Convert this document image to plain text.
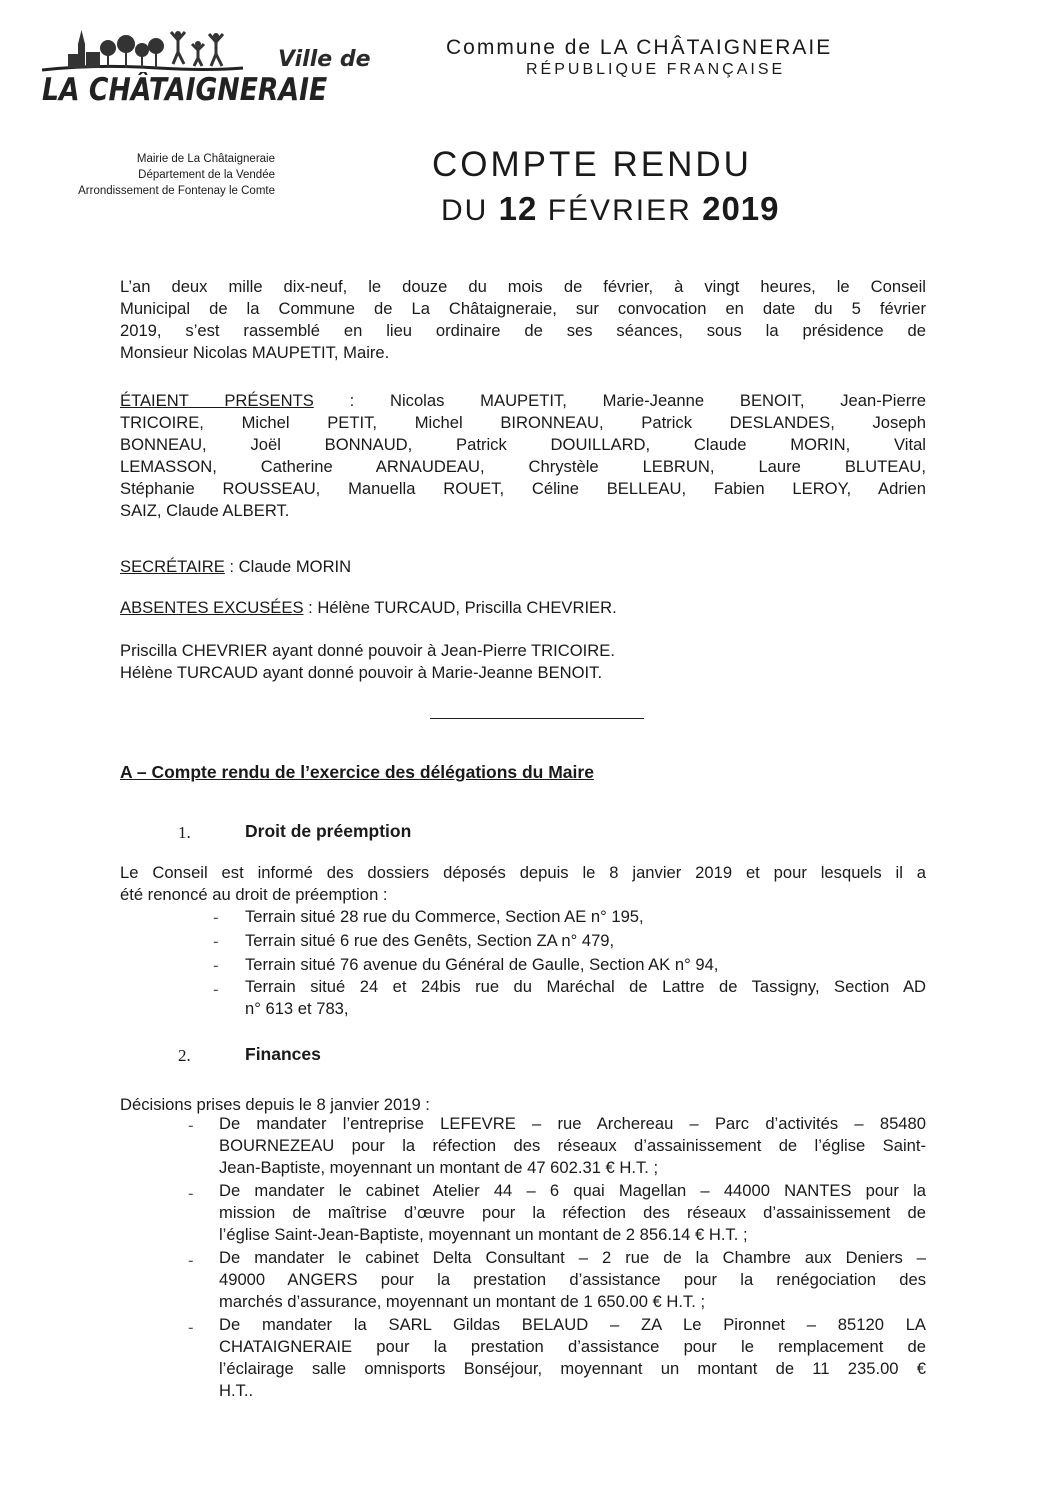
Ville de
LA CHÂTAIGNERAIE
Commune de LA CHÂTAIGNERAIE
RÉPUBLIQUE FRANÇAISE
Mairie de La Châtaigneraie
Département de la Vendée
Arrondissement de Fontenay le Comte
COMPTE RENDU
DU 12 FÉVRIER 2019
L’an deux mille dix-neuf, le douze du mois de février, à vingt heures, le Conseil
Municipal de la Commune de La Châtaigneraie, sur convocation en date du 5 février
2019, s’est rassemblé en lieu ordinaire de ses séances, sous la présidence de
Monsieur Nicolas MAUPETIT, Maire.
ÉTAIENT PRÉSENTS : Nicolas MAUPETIT, Marie-Jeanne BENOIT, Jean-Pierre
TRICOIRE, Michel PETIT, Michel BIRONNEAU, Patrick DESLANDES, Joseph
BONNEAU, Joël BONNAUD, Patrick DOUILLARD, Claude MORIN, Vital
LEMASSON, Catherine ARNAUDEAU, Chrystèle LEBRUN, Laure BLUTEAU,
Stéphanie ROUSSEAU, Manuella ROUET, Céline BELLEAU, Fabien LEROY, Adrien
SAIZ, Claude ALBERT.
SECRÉTAIRE : Claude MORIN
ABSENTES EXCUSÉES : Hélène TURCAUD, Priscilla CHEVRIER.
Priscilla CHEVRIER ayant donné pouvoir à Jean-Pierre TRICOIRE.
Hélène TURCAUD ayant donné pouvoir à Marie-Jeanne BENOIT.
A – Compte rendu de l’exercice des délégations du Maire
1.	Droit de préemption
Le Conseil est informé des dossiers déposés depuis le 8 janvier 2019 et pour lesquels il a
été renoncé au droit de préemption :
- Terrain situé 28 rue du Commerce, Section AE n° 195,
- Terrain situé 6 rue des Genêts, Section ZA n° 479,
- Terrain situé 76 avenue du Général de Gaulle, Section AK n° 94,
- Terrain situé 24 et 24bis rue du Maréchal de Lattre de Tassigny, Section AD
n° 613 et 783,
2.	Finances
Décisions prises depuis le 8 janvier 2019 :
- De mandater l’entreprise LEFEVRE – rue Archereau – Parc d’activités – 85480
BOURNEZEAU pour la réfection des réseaux d’assainissement de l’église Saint-
Jean-Baptiste, moyennant un montant de 47 602.31 € H.T. ;
- De mandater le cabinet Atelier 44 – 6 quai Magellan – 44000 NANTES pour la
mission de maîtrise d’œuvre pour la réfection des réseaux d’assainissement de
l’église Saint-Jean-Baptiste, moyennant un montant de 2 856.14 € H.T. ;
- De mandater le cabinet Delta Consultant – 2 rue de la Chambre aux Deniers –
49000 ANGERS pour la prestation d’assistance pour la renégociation des
marchés d’assurance, moyennant un montant de 1 650.00 € H.T. ;
- De mandater la SARL Gildas BELAUD – ZA Le Pironnet – 85120 LA
CHATAIGNERAIE pour la prestation d’assistance pour le remplacement de
l’éclairage salle omnisports Bonséjour, moyennant un montant de 11 235.00 €
H.T..
